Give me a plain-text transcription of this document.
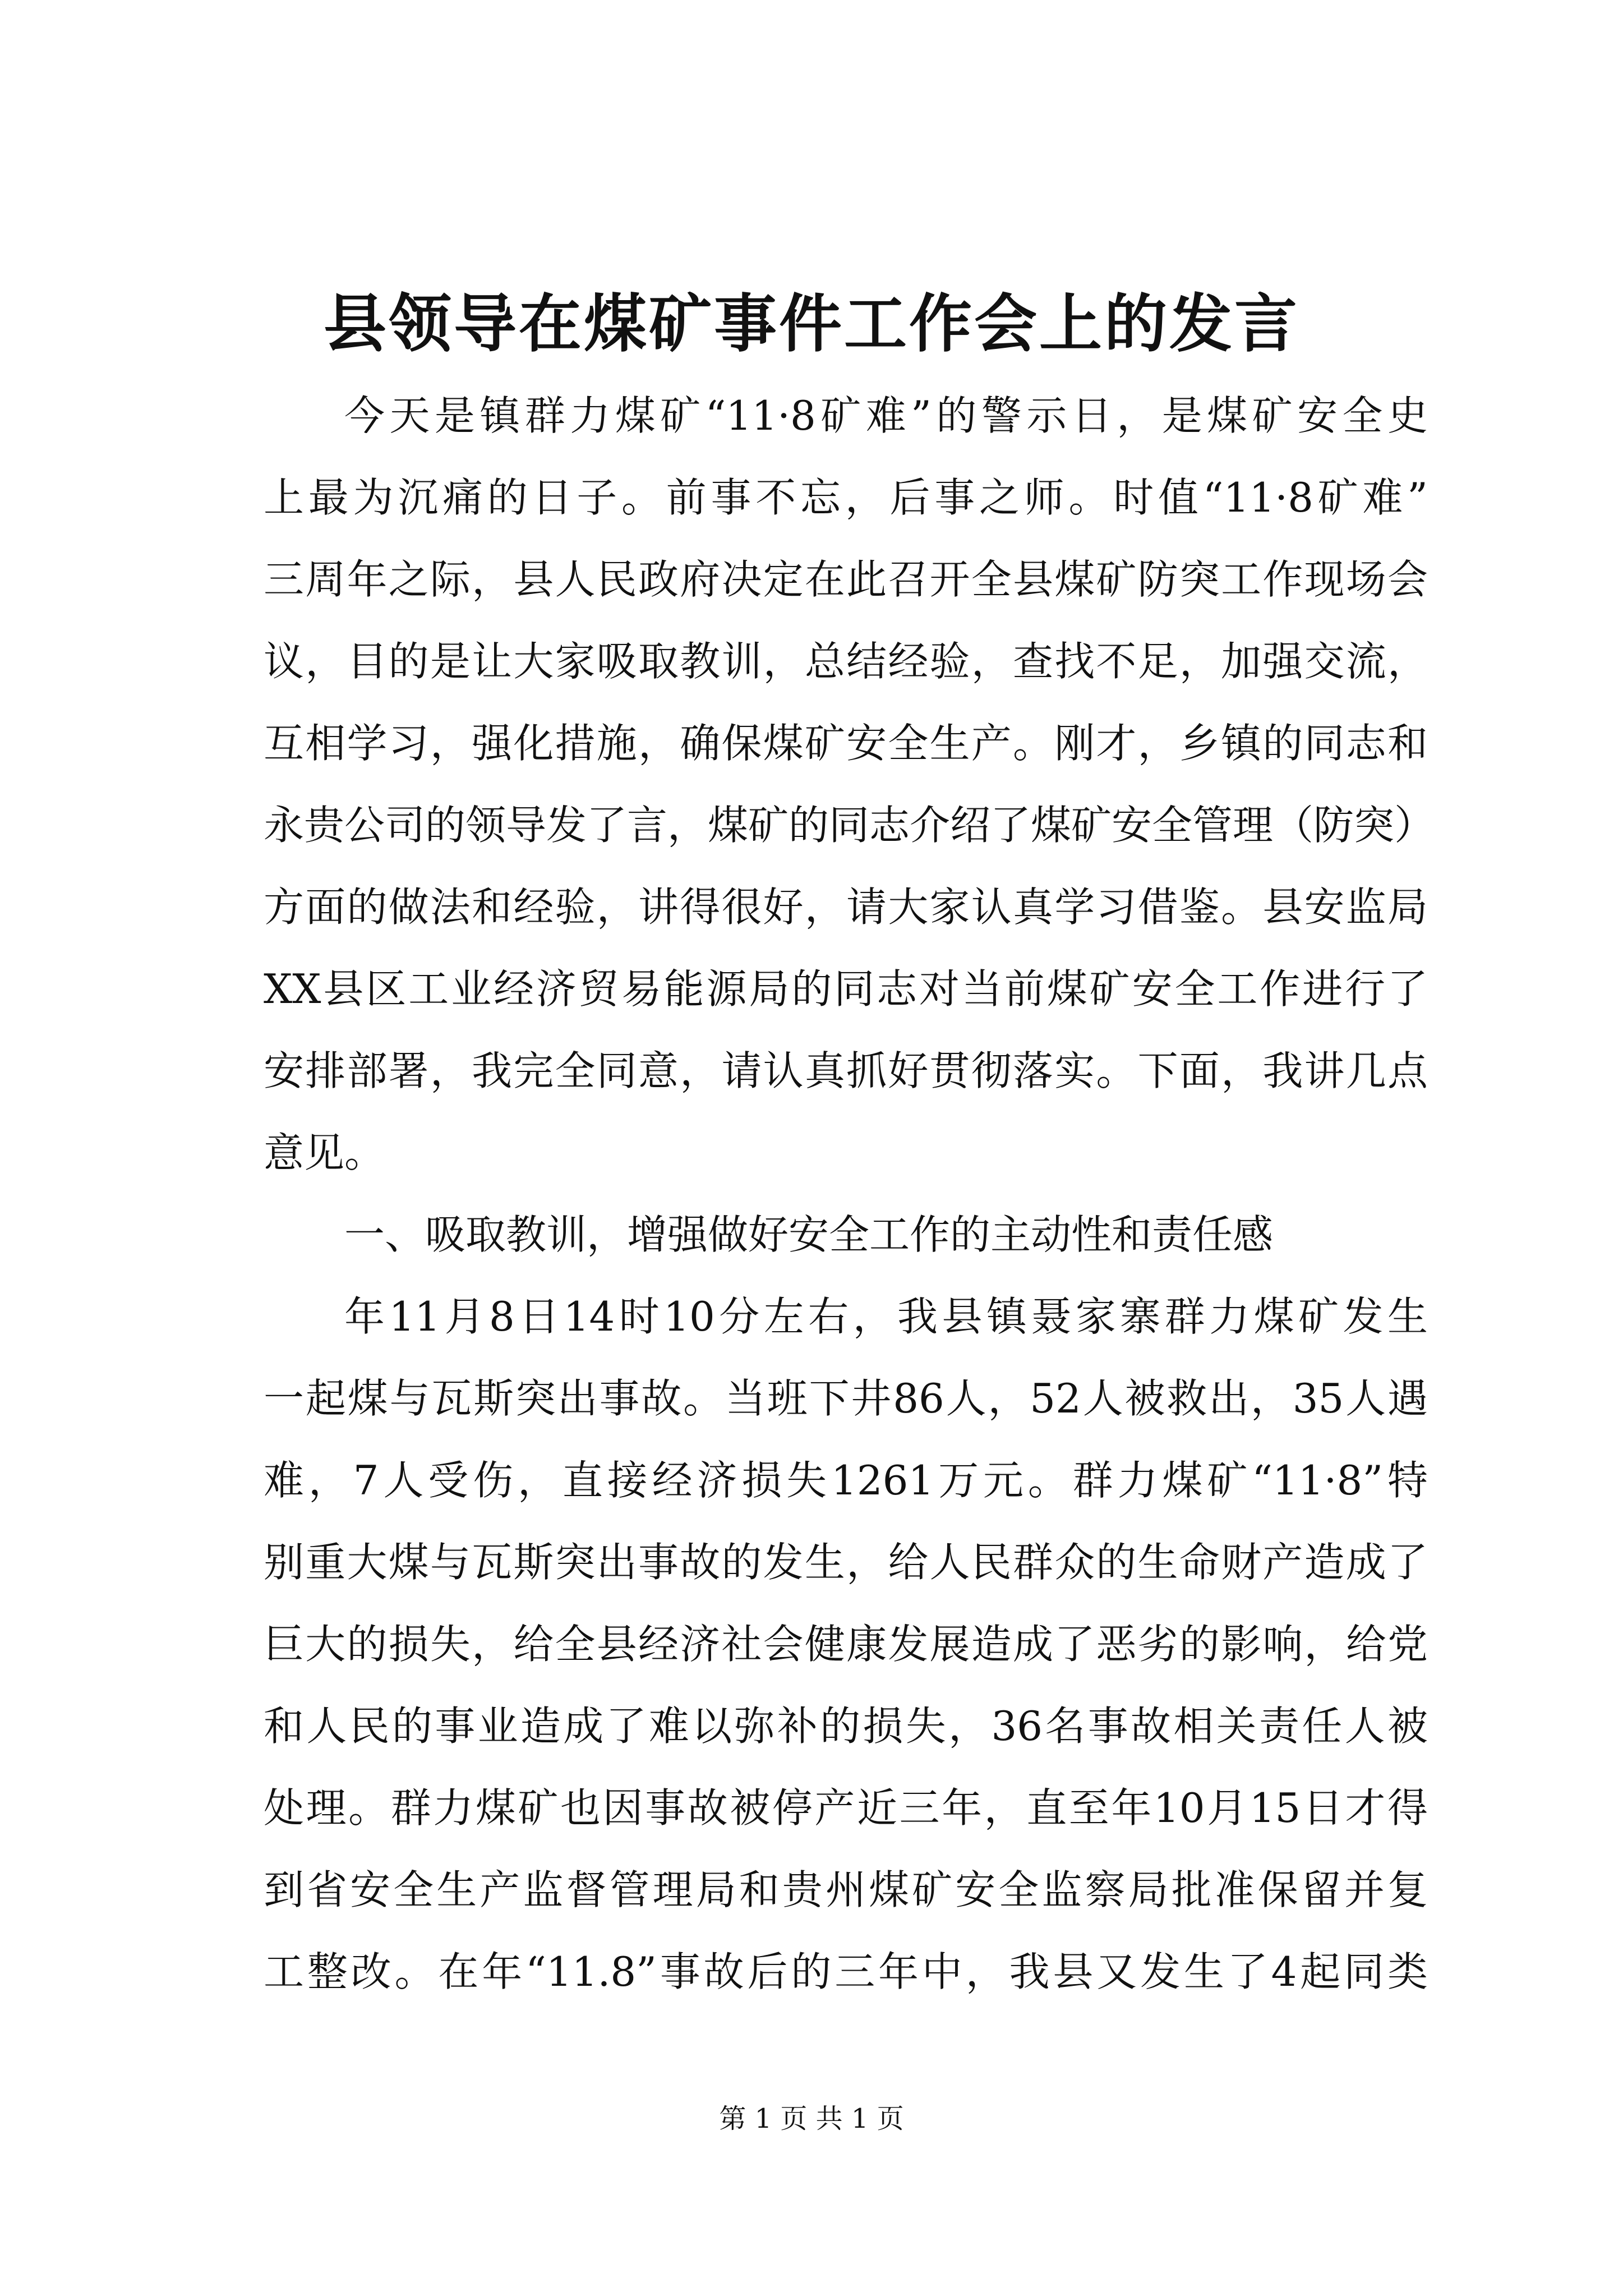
县领导在煤矿事件工作会上的发言
今天是镇群力煤矿“11·8矿难”的警示日，是煤矿安全史
上最为沉痛的日子。前事不忘，后事之师。时值“11·8矿难”
三周年之际，县人民政府决定在此召开全县煤矿防突工作现场会
议，目的是让大家吸取教训，总结经验，查找不足，加强交流，
互相学习，强化措施，确保煤矿安全生产。刚才，乡镇的同志和
永贵公司的领导发了言，煤矿的同志介绍了煤矿安全管理（防突）
方面的做法和经验，讲得很好，请大家认真学习借鉴。县安监局
XX县区工业经济贸易能源局的同志对当前煤矿安全工作进行了
安排部署，我完全同意，请认真抓好贯彻落实。下面，我讲几点
意见。
一、吸取教训，增强做好安全工作的主动性和责任感
年11月8日14时10分左右，我县镇聂家寨群力煤矿发生
一起煤与瓦斯突出事故。当班下井86人，52人被救出，35人遇
难，7人受伤，直接经济损失1261万元。群力煤矿“11·8”特
别重大煤与瓦斯突出事故的发生，给人民群众的生命财产造成了
巨大的损失，给全县经济社会健康发展造成了恶劣的影响，给党
和人民的事业造成了难以弥补的损失，36名事故相关责任人被
处理。群力煤矿也因事故被停产近三年，直至年10月15日才得
到省安全生产监督管理局和贵州煤矿安全监察局批准保留并复
工整改。在年“11.8”事故后的三年中，我县又发生了4起同类
第 1 页 共 1 页
